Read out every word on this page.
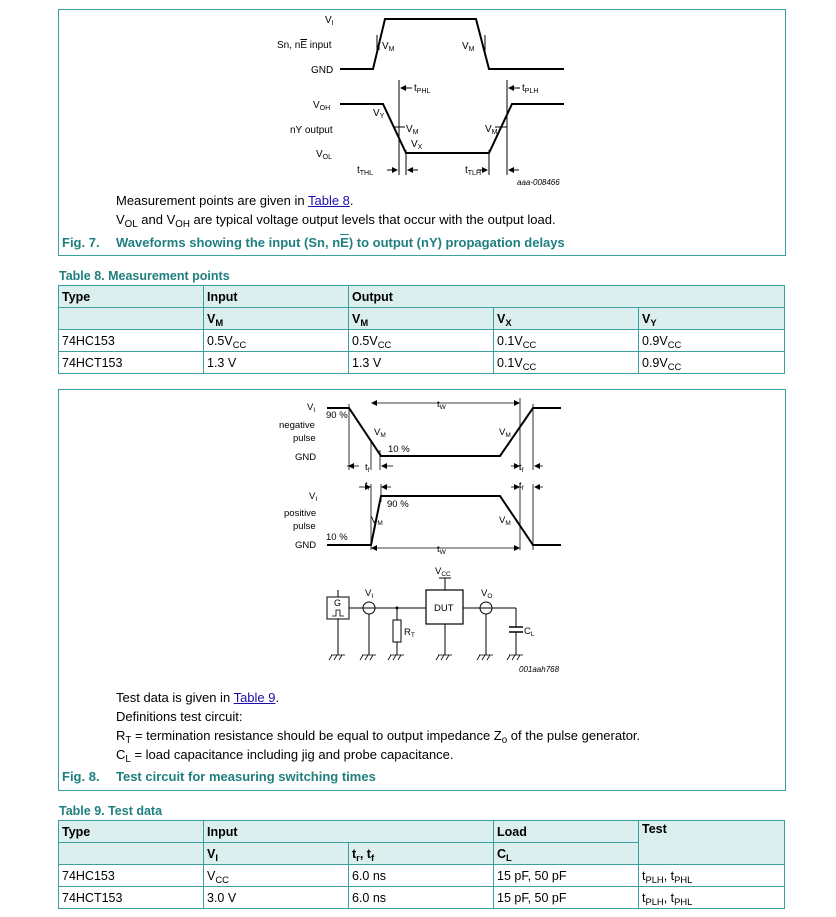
$V_I$
Sn, nE input
GND
$V_M$	$V_M$
$t_{PHL}$	$t_{PLH}$
$V_{OH}$	$V_Y$
nY output	$V_M$	$V_M$
$V_X$
$V_{OL}$
$t_{THL}$	$t_{TLH}$
aaa-008466
Measurement points are given in Table 8.
$V_{OL}$ and $V_{OH}$ are typical voltage output levels that occur with the output load.
Fig. 7. Waveforms showing the input (Sn, $n\overline{E}$) to output (nY) propagation delays
Table 8. Measurement points
Type	Input	Output		
	$V_M$	$V_M$	$V_X$	$V_Y$
74HC153	$0.5V_{CC}$	$0.5V_{CC}$	$0.1V_{CC}$	$0.9V_{CC}$
74HCT153	1.3 V	1.3 V	$0.1V_{CC}$	$0.9V_{CC}$
$V_I$ 90 %
negative
pulse
$V_M$	$V_M$
10 %
GND
$t_W$
$t_f$	$t_f$
$t_r$	$t_f$
$V_I$	90 %
positive
pulse
$V_M$	$V_M$
10 %
GND	$t_W$
$V_{CC}$
$V_I$	$V_O$
G	DUT
$R_T$	$C_L$
001aah768
Test data is given in Table 9.
Definitions test circuit:
$R_T$ = termination resistance should be equal to output impedance $Z_o$ of the pulse generator.
$C_L$ = load capacitance including jig and probe capacitance.
Fig. 8. Test circuit for measuring switching times
Table 9. Test data
Type	Input		Load	Test
	$V_I$	$t_r$, $t_f$	$C_L$
74HC153	$V_{CC}$	6.0 ns	15 pF, 50 pF	$t_{PLH}$, $t_{PHL}$
74HCT153	3.0 V	6.0 ns	15 pF, 50 pF	$t_{PLH}$, $t_{PHL}$
